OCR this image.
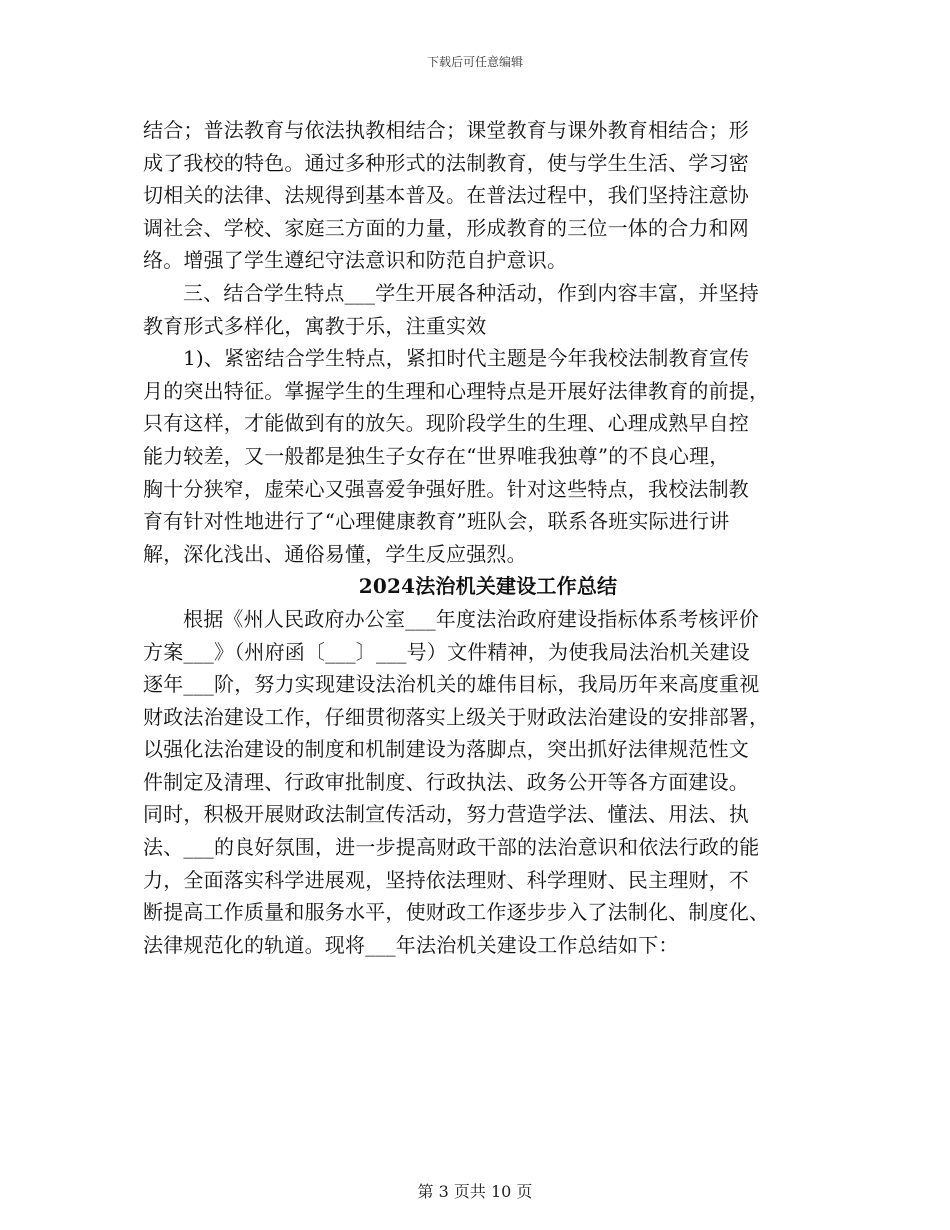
下载后可任意编辑
结合；普法教育与依法执教相结合；课堂教育与课外教育相结合；形
成了我校的特色。通过多种形式的法制教育，使与学生生活、学习密
切相关的法律、法规得到基本普及。在普法过程中，我们坚持注意协
调社会、学校、家庭三方面的力量，形成教育的三位一体的合力和网
络。增强了学生遵纪守法意识和防范自护意识。
三、结合学生特点___学生开展各种活动，作到内容丰富，并坚持
教育形式多样化，寓教于乐，注重实效
1)、紧密结合学生特点，紧扣时代主题是今年我校法制教育宣传
月的突出特征。掌握学生的生理和心理特点是开展好法律教育的前提，
只有这样，才能做到有的放矢。现阶段学生的生理、心理成熟早自控
能力较差，又一般都是独生子女存在“世界唯我独尊”的不良心理，
胸十分狭窄，虚荣心又强喜爱争强好胜。针对这些特点，我校法制教
育有针对性地进行了“心理健康教育”班队会，联系各班实际进行讲
解，深化浅出、通俗易懂，学生反应强烈。
2024法治机关建设工作总结
根据《州人民政府办公室___年度法治政府建设指标体系考核评价
方案___》（州府函〔___〕___号）文件精神，为使我局法治机关建设
逐年___阶，努力实现建设法治机关的雄伟目标，我局历年来高度重视
财政法治建设工作，仔细贯彻落实上级关于财政法治建设的安排部署，
以强化法治建设的制度和机制建设为落脚点，突出抓好法律规范性文
件制定及清理、行政审批制度、行政执法、政务公开等各方面建设。
同时，积极开展财政法制宣传活动，努力营造学法、懂法、用法、执
法、___的良好氛围，进一步提高财政干部的法治意识和依法行政的能
力，全面落实科学进展观，坚持依法理财、科学理财、民主理财，不
断提高工作质量和服务水平，使财政工作逐步步入了法制化、制度化、
法律规范化的轨道。现将___年法治机关建设工作总结如下：
第 3 页共 10 页
